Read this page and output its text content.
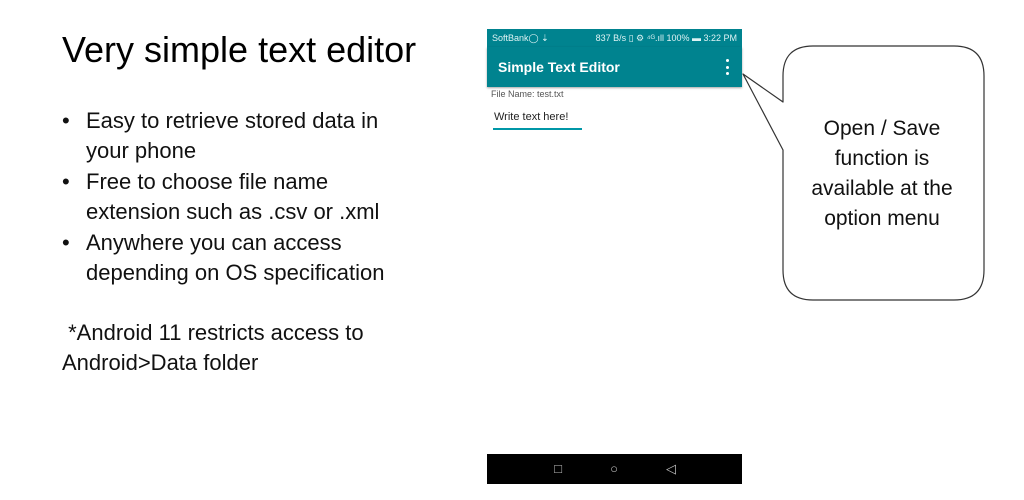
Very simple text editor
• Easy to retrieve stored data in
your phone
• Free to choose file name
extension such as .csv or .xml
• Anywhere you can access
depending on OS specification
*Android 11 restricts access to
Android>Data folder
SoftBank◯ ⇣	837 B/s ▯ ⚙ ⁴ᴳ.ıll 100% ▬ 3:22 PM
Simple Text Editor
File Name: test.txt
Write text here!
□	○	◁
Open / Save
function is
available at the
option menu
